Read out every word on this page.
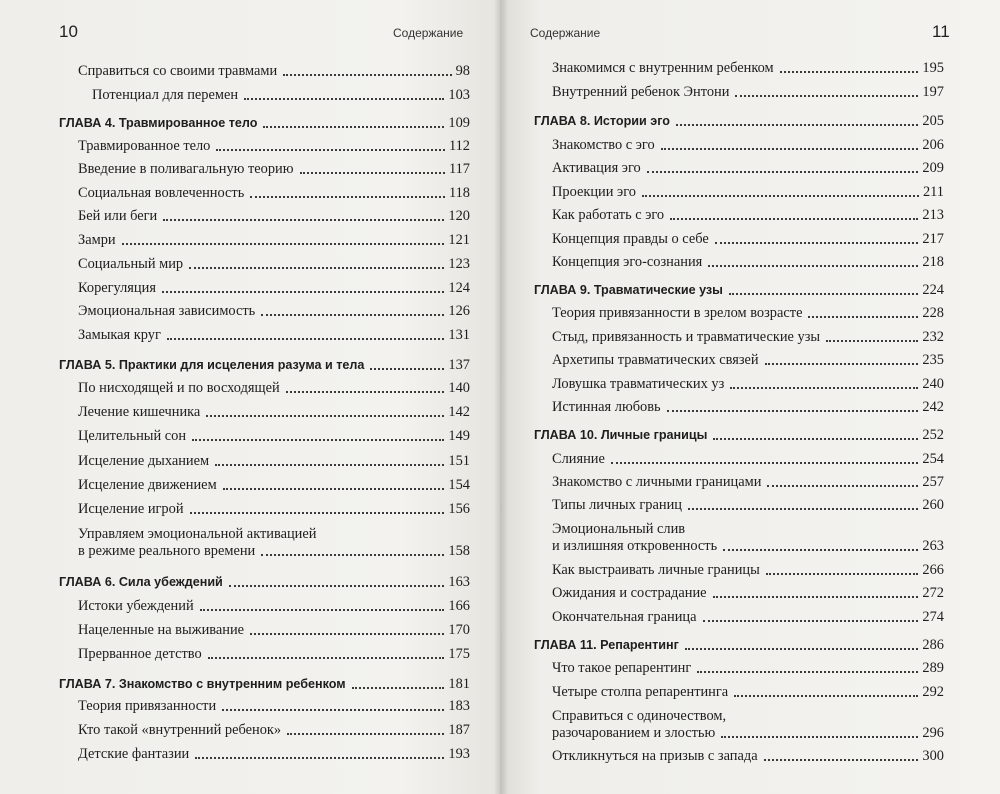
10	Содержание
Справиться со своими травмами	98
Потенциал для перемен	103
ГЛАВА 4. Травмированное тело	109
Травмированное тело	112
Введение в поливагальную теорию	117
Социальная вовлеченность	118
Бей или беги	120
Замри	121
Социальный мир	123
Корегуляция	124
Эмоциональная зависимость	126
Замыкая круг	131
ГЛАВА 5. Практики для исцеления разума и тела	137
По нисходящей и по восходящей	140
Лечение кишечника	142
Целительный сон	149
Исцеление дыханием	151
Исцеление движением	154
Исцеление игрой	156
Управляем эмоциональной активацией
в режиме реального времени	158
ГЛАВА 6. Сила убеждений	163
Истоки убеждений	166
Нацеленные на выживание	170
Прерванное детство	175
ГЛАВА 7. Знакомство с внутренним ребенком	181
Теория привязанности	183
Кто такой «внутренний ребенок»	187
Детские фантазии	193
Содержание	11
Знакомимся с внутренним ребенком	195
Внутренний ребенок Энтони	197
ГЛАВА 8. Истории эго	205
Знакомство с эго	206
Активация эго	209
Проекции эго	211
Как работать с эго	213
Концепция правды о себе	217
Концепция эго-сознания	218
ГЛАВА 9. Травматические узы	224
Теория привязанности в зрелом возрасте	228
Стыд, привязанность и травматические узы	232
Архетипы травматических связей	235
Ловушка травматических уз	240
Истинная любовь	242
ГЛАВА 10. Личные границы	252
Слияние	254
Знакомство с личными границами	257
Типы личных границ	260
Эмоциональный слив
и излишняя откровенность	263
Как выстраивать личные границы	266
Ожидания и сострадание	272
Окончательная граница	274
ГЛАВА 11. Репарентинг	286
Что такое репарентинг	289
Четыре столпа репарентинга	292
Справиться с одиночеством,
разочарованием и злостью	296
Откликнуться на призыв с запада	300
